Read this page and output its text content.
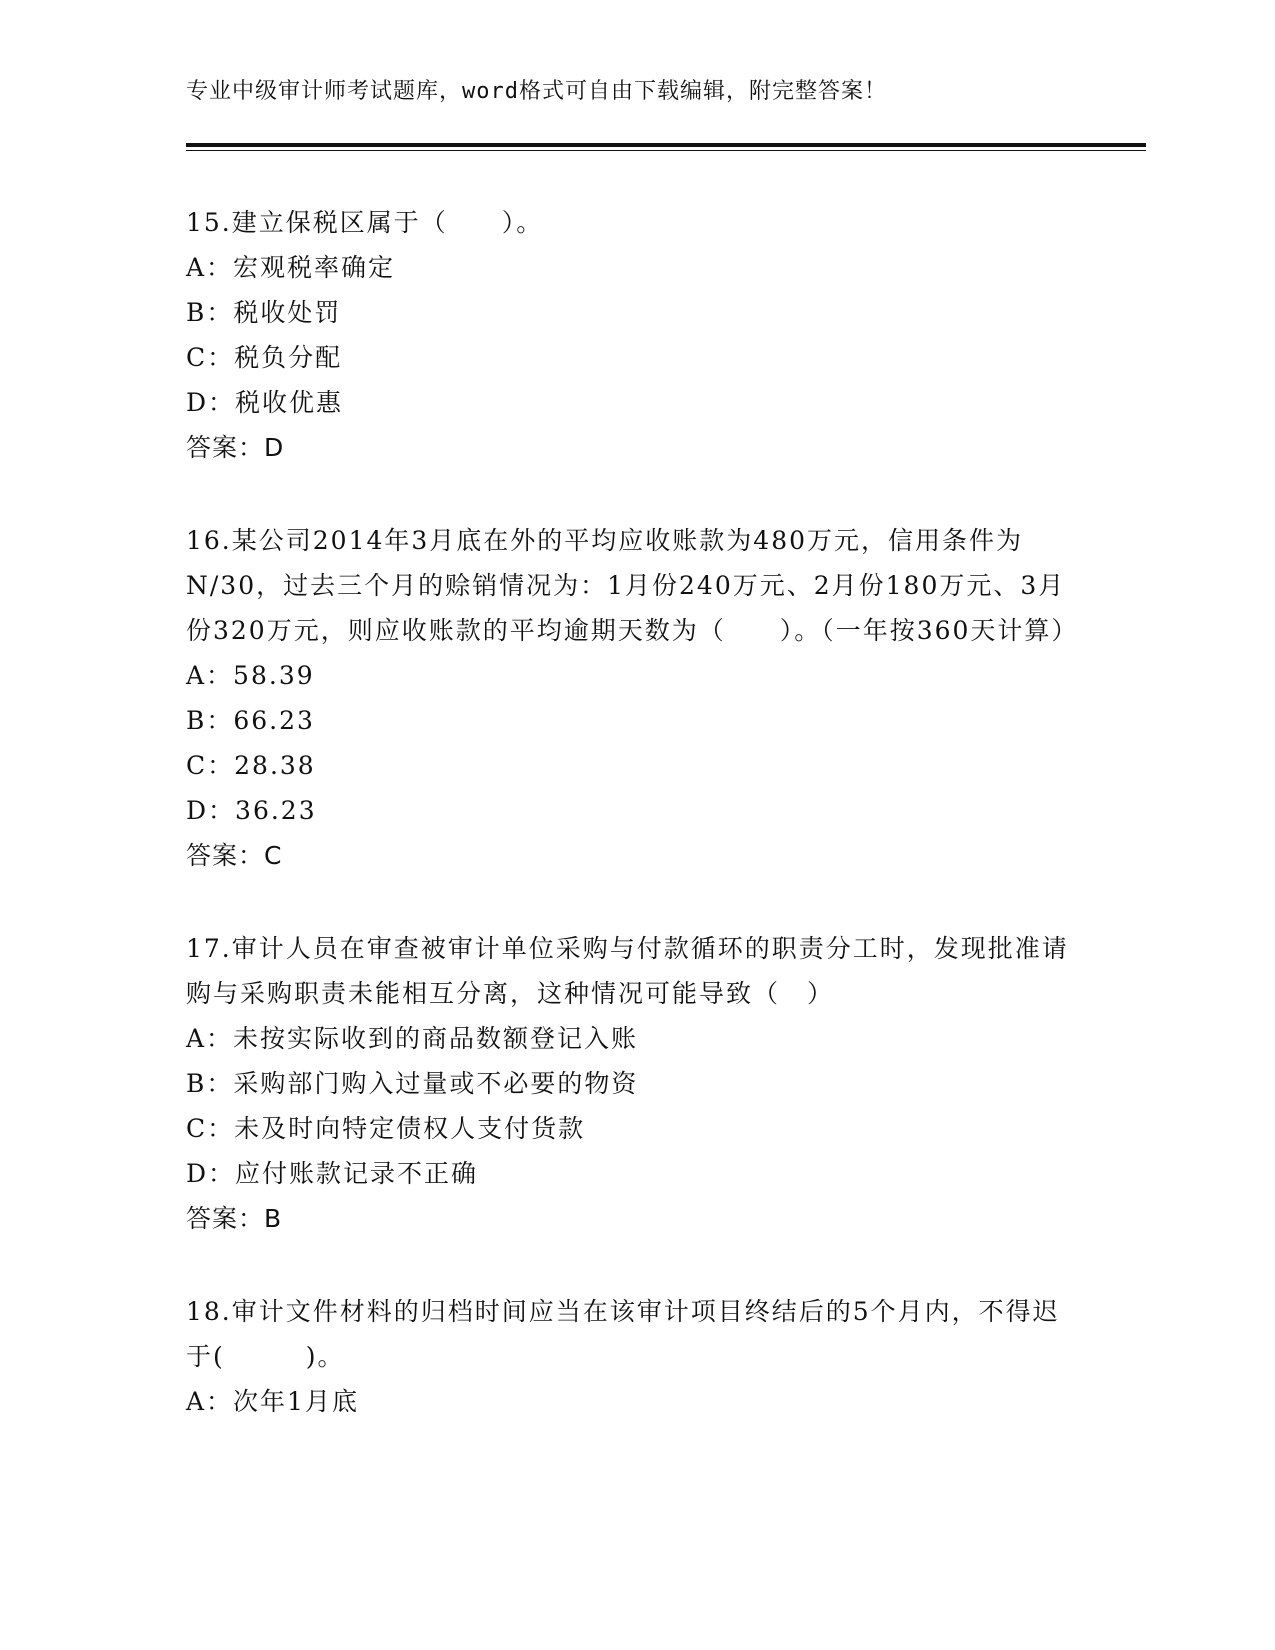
专业中级审计师考试题库，word格式可自由下载编辑，附完整答案！

15.建立保税区属于（　　）。

A：宏观税率确定

B：税收处罚

C：税负分配

D：税收优惠

答案：D

16.某公司2014年3月底在外的平均应收账款为480万元，信用条件为N/30，过去三个月的赊销情况为：1月份240万元、2月份180万元、3月份320万元，则应收账款的平均逾期天数为（　　）。（一年按360天计算）

A：58.39

B：66.23

C：28.38

D：36.23

答案：C

17.审计人员在审查被审计单位采购与付款循环的职责分工时，发现批准请购与采购职责未能相互分离，这种情况可能导致（　）

A：未按实际收到的商品数额登记入账

B：采购部门购入过量或不必要的物资

C：未及时向特定债权人支付货款

D：应付账款记录不正确

答案：B

18.审计文件材料的归档时间应当在该审计项目终结后的5个月内，不得迟于(　　　)。

A：次年1月底
